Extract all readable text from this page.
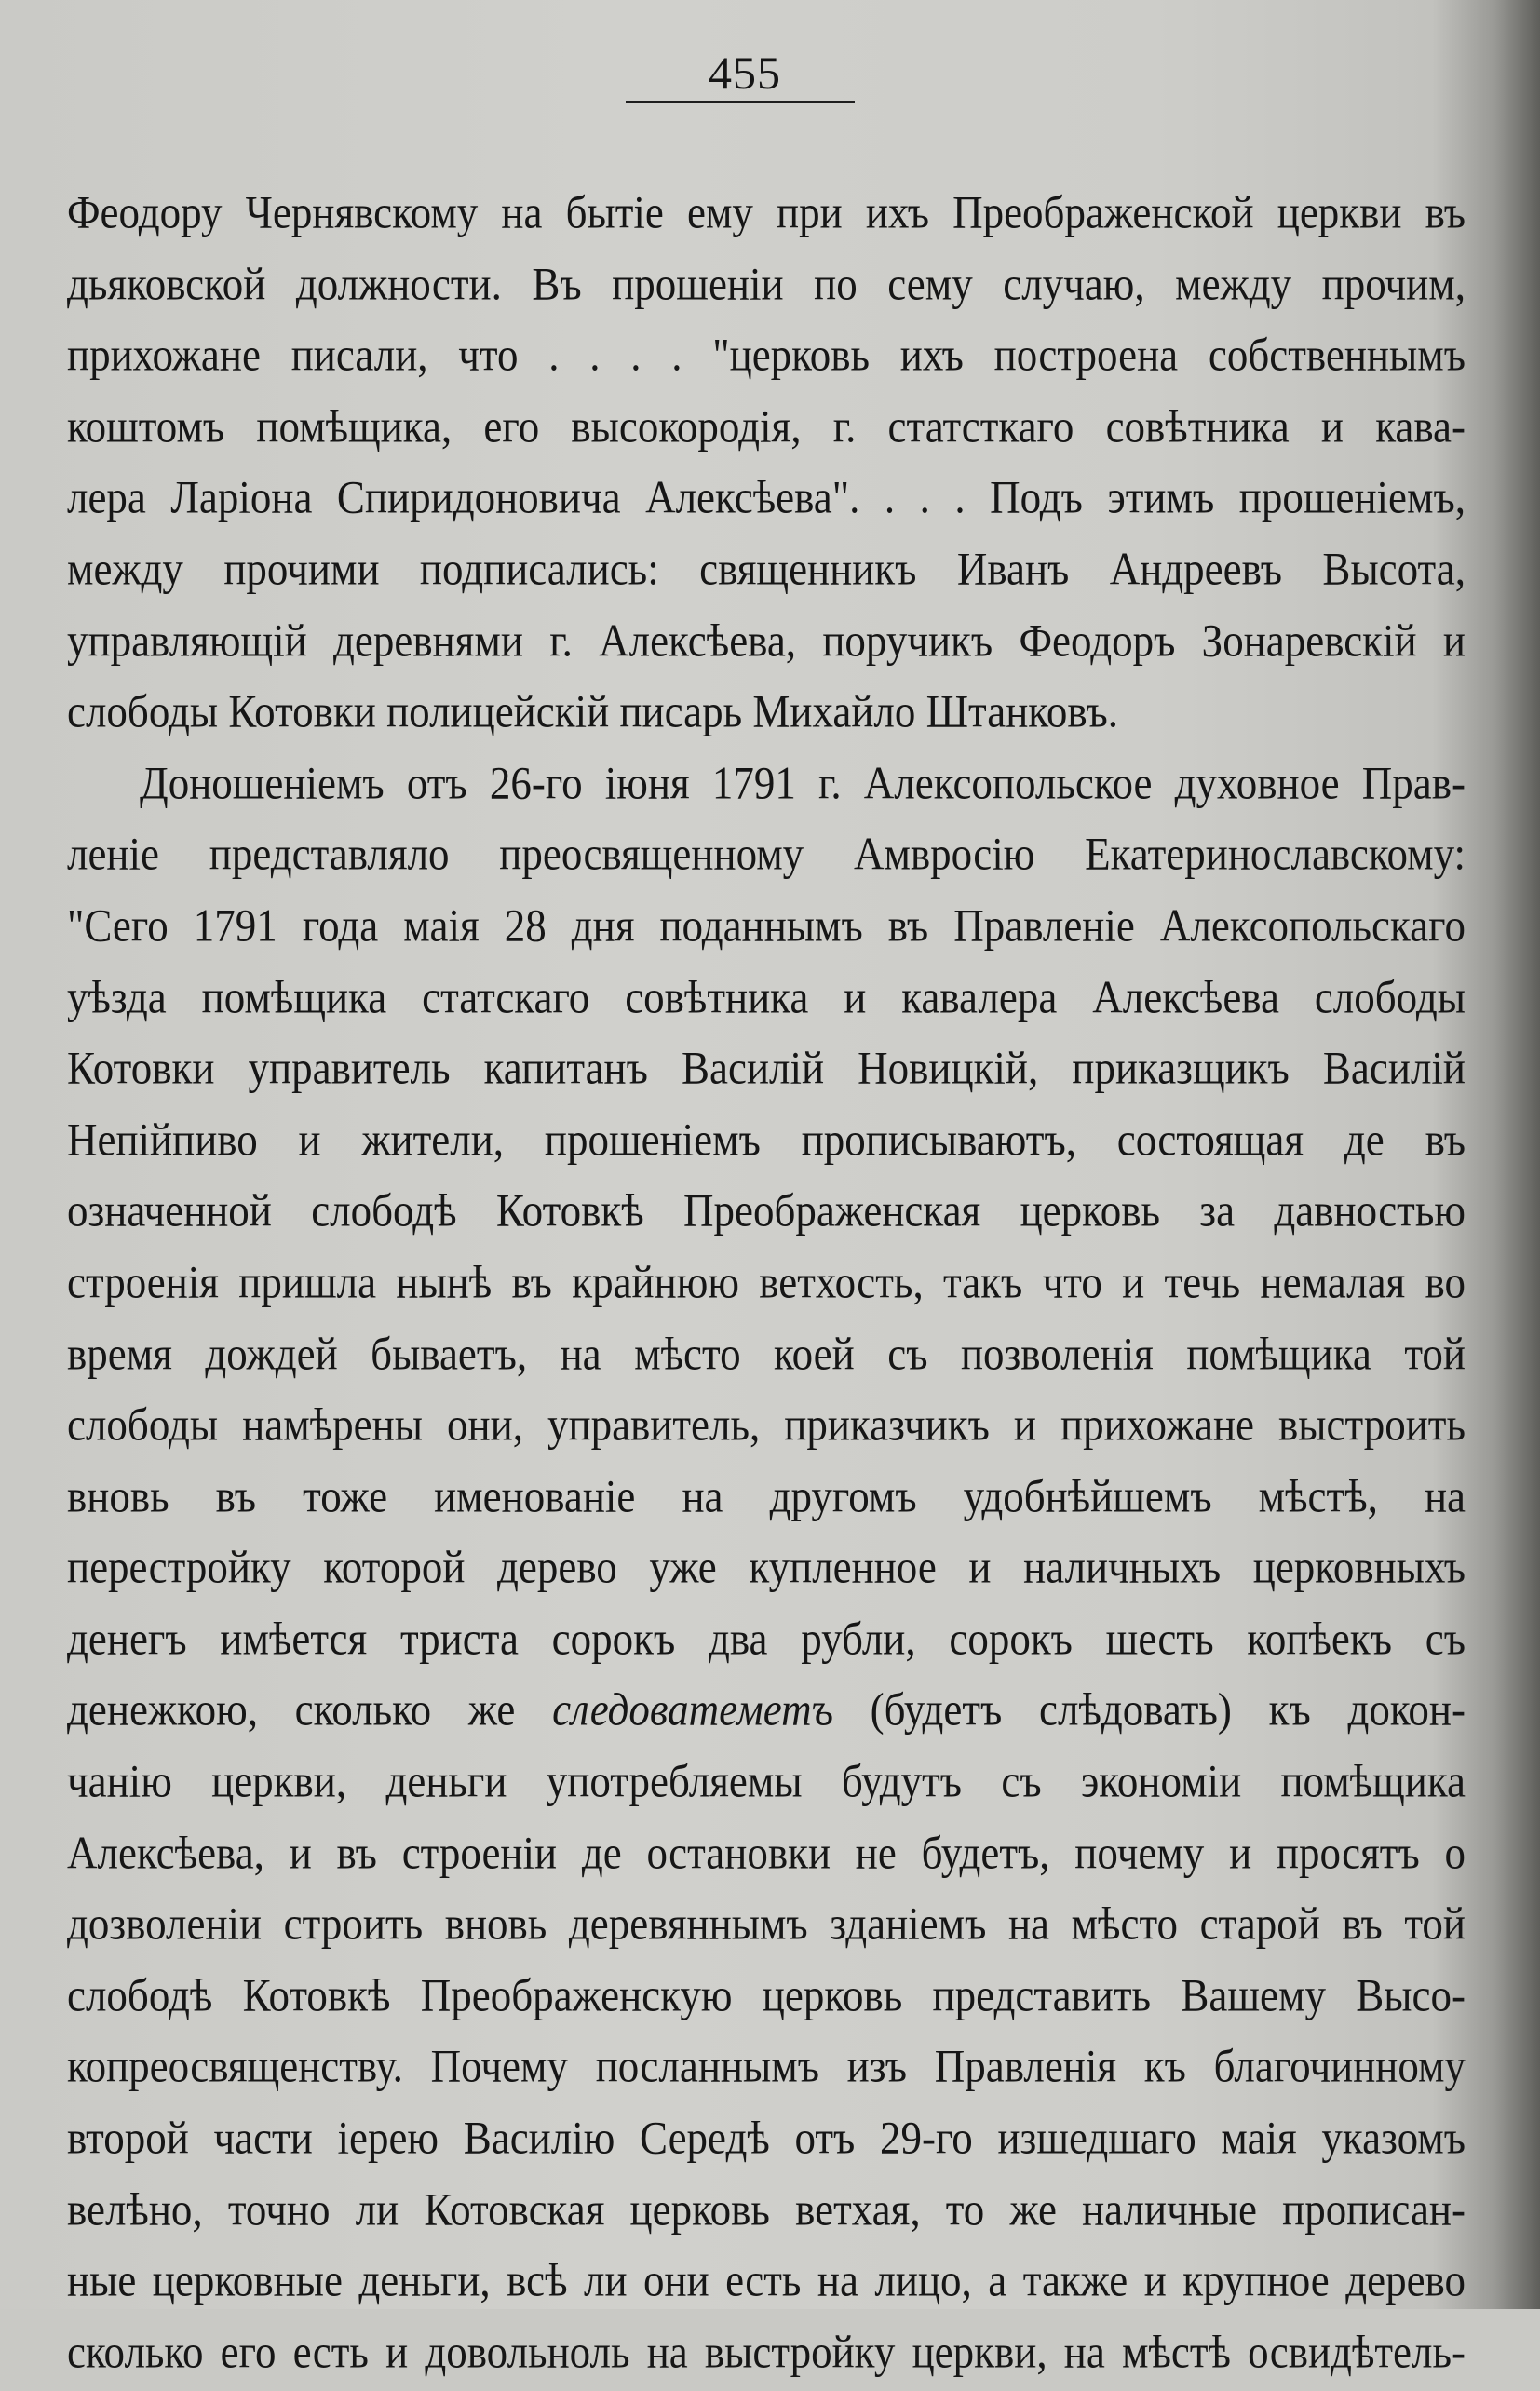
455
Феодору Чернявскому на бытіе ему при ихъ Преображенской церкви въ
дьяковской должности. Въ прошеніи по сему случаю, между прочим,
прихожане писали, что . . . . "церковь ихъ построена собственнымъ
коштомъ помѣщика, его высокородія, г. статсткаго совѣтника и кава-
лера Ларіона Спиридоновича Алексѣева". . . . Подъ этимъ прошеніемъ,
между прочими подписались: священникъ Иванъ Андреевъ Высота,
управляющій деревнями г. Алексѣева, поручикъ Феодоръ Зонаревскій и
слободы Котовки полицейскій писарь Михайло Штанковъ.
Доношеніемъ отъ 26-го іюня 1791 г. Алексопольское духовное Прав-
леніе представляло преосвященному Амвросію Екатеринославскому:
"Сего 1791 года маія 28 дня поданнымъ въ Правленіе Алексопольскаго
уѣзда помѣщика статскаго совѣтника и кавалера Алексѣева слободы
Котовки управитель капитанъ Василій Новицкій, приказщикъ Василій
Непійпиво и жители, прошеніемъ прописываютъ, состоящая де въ
означенной слободѣ Котовкѣ Преображенская церковь за давностью
строенія пришла нынѣ въ крайнюю ветхость, такъ что и течь немалая во
время дождей бываетъ, на мѣсто коей съ позволенія помѣщика той
слободы намѣрены они, управитель, приказчикъ и прихожане выстроить
вновь въ тоже именованіе на другомъ удобнѣйшемъ мѣстѣ, на
перестройку которой дерево уже купленное и наличныхъ церковныхъ
денегъ имѣется триста сорокъ два рубли, сорокъ шесть копѣекъ съ
денежкою, сколько же следоватеметъ (будетъ слѣдовать) къ докон-
чанію церкви, деньги употребляемы будутъ съ экономіи помѣщика
Алексѣева, и въ строеніи де остановки не будетъ, почему и просятъ о
дозволеніи строить вновь деревяннымъ зданіемъ на мѣсто старой въ той
слободѣ Котовкѣ Преображенскую церковь представить Вашему Высо-
копреосвященству. Почему посланнымъ изъ Правленія къ благочинному
второй части іерею Василію Середѣ отъ 29-го изшедшаго маія указомъ
велѣно, точно ли Котовская церковь ветхая, то же наличные прописан-
ные церковные деньги, всѣ ли они есть на лицо, а также и крупное дерево
сколько его есть и довольноль на выстройку церкви, на мѣстѣ освидѣтель-
